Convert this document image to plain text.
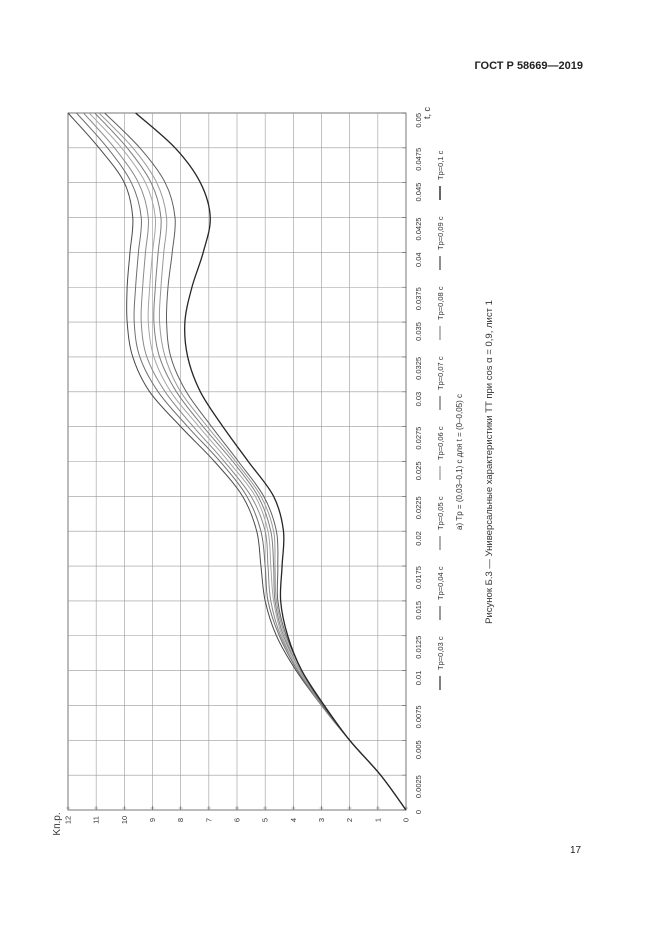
ГОСТ Р 58669—2019
0
1
2
3
4
5
6
7
8
9
10
11
12
0
0.0025
0.005
0.0075
0.01
0.0125
0.015
0.0175
0.02
0.0225
0.025
0.0275
0.03
0.0325
0.035
0.0375
0.04
0.0425
0.045
0.0475
0.05
Tр=0,03 с
Tр=0,04 с
Tр=0,05 с
Tр=0,06 с
Tр=0,07 с
Tр=0,08 с
Tр=0,09 с
Tр=0,1 с
Kп.р.
t, c
а) Tр = (0,03–0,1) с для t = (0–0,05) с Рисунок Б.3 — Универсальные характеристики ТТ при cos α = 0,9, лист 1
17
